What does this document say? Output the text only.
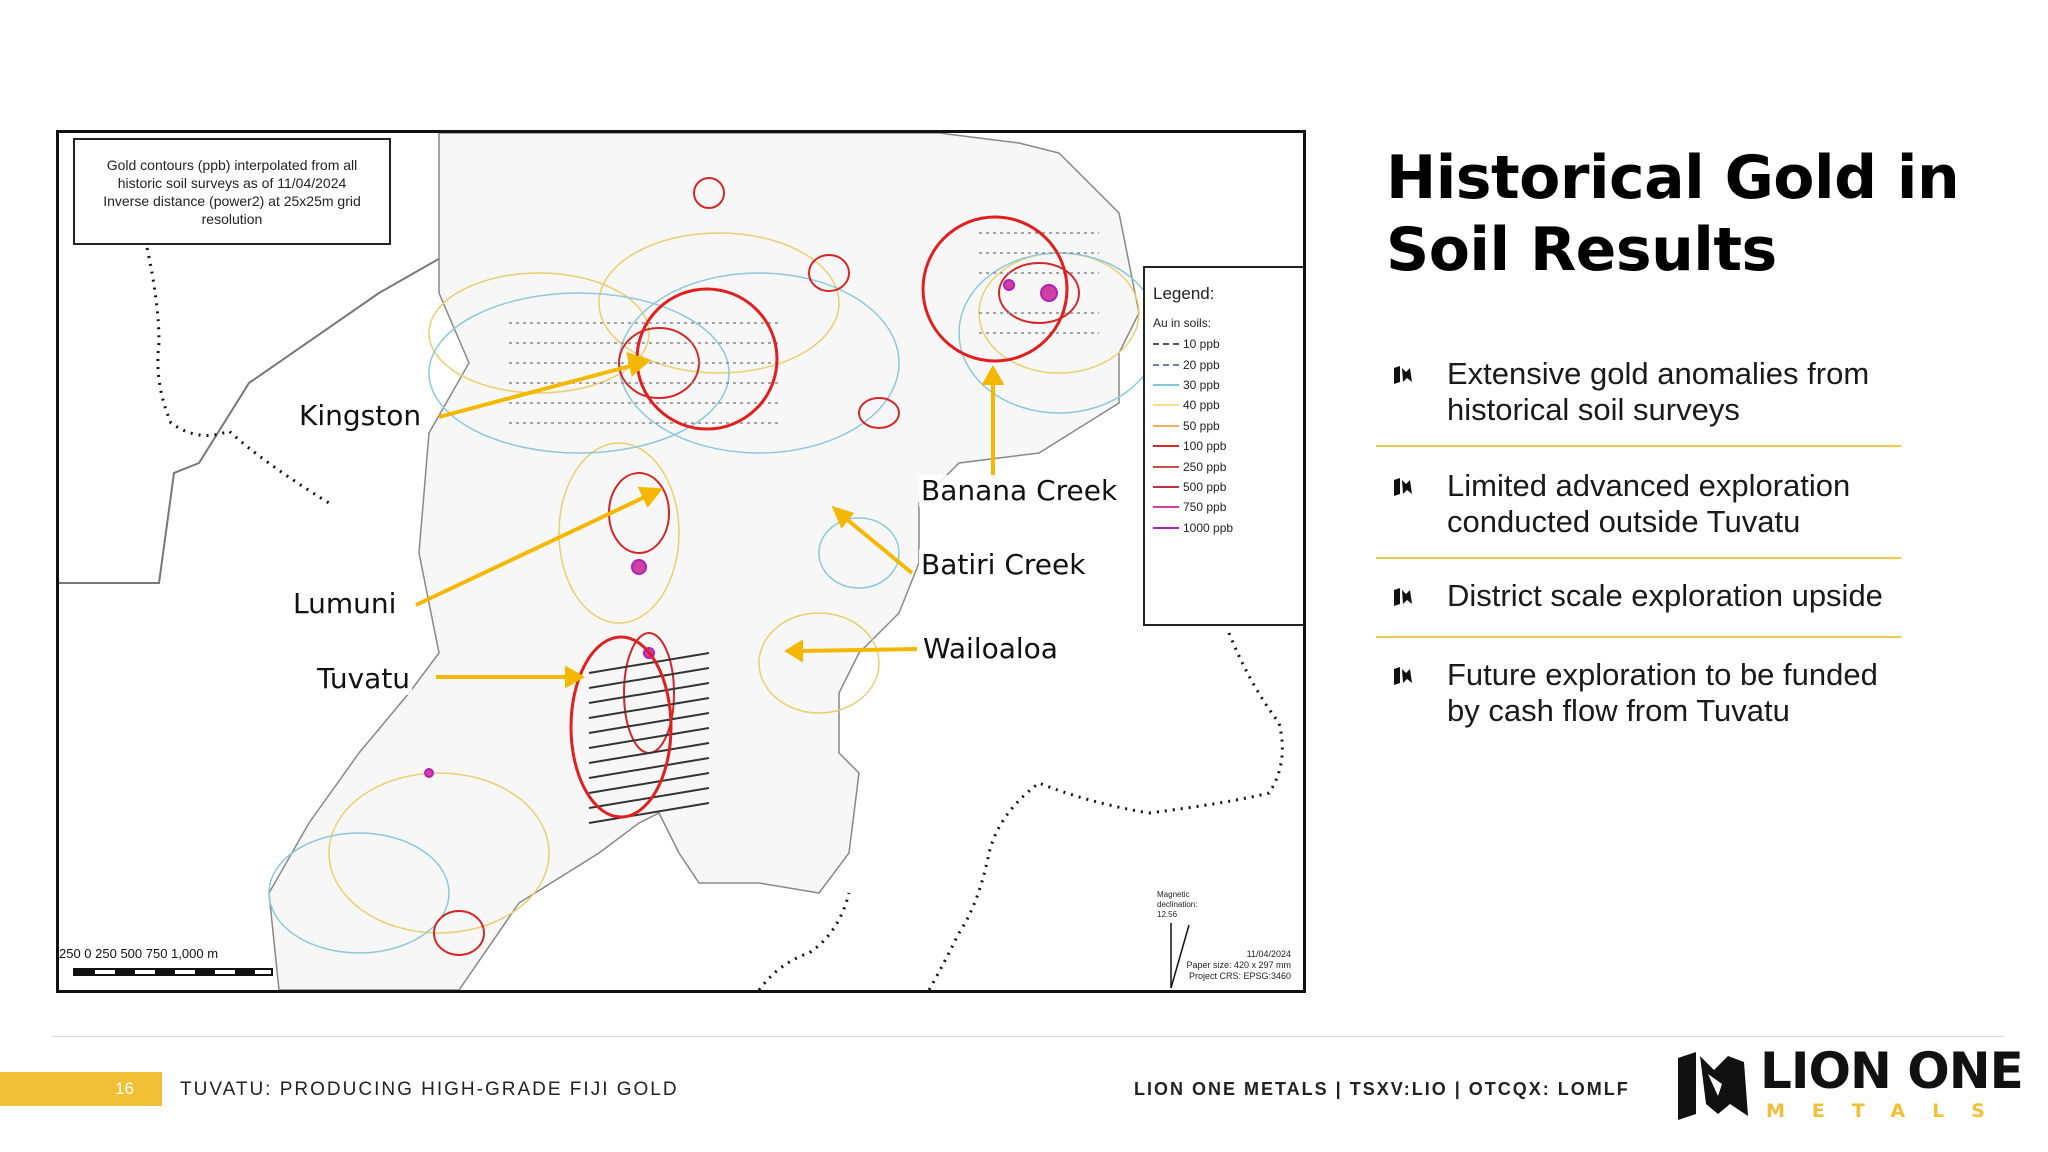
Gold contours (ppb) interpolated from all
historic soil surveys as of 11/04/2024
Inverse distance (power2) at 25x25m grid
resolution
Legend:
Au in soils:
10 ppb
20 ppb
30 ppb
40 ppb
50 ppb
100 ppb
250 ppb
500 ppb
750 ppb
1000 ppb
Kingston
Lumuni
Tuvatu
Banana Creek
Batiri Creek
Wailoaloa
250 0 250 500 750 1,000 m
Magnetic
declination:
12.56
11/04/2024
Paper size: 420 x 297 mm
Project CRS: EPSG:3460
Historical Gold in
Soil Results
Extensive gold anomalies from historical soil surveys
Limited advanced exploration conducted outside Tuvatu
District scale exploration upside
Future exploration to be funded by cash flow from Tuvatu
16	TUVATU: PRODUCING HIGH-GRADE FIJI GOLD	LION ONE METALS | TSXV:LIO | OTCQX: LOMLF	LION ONE
METALS
